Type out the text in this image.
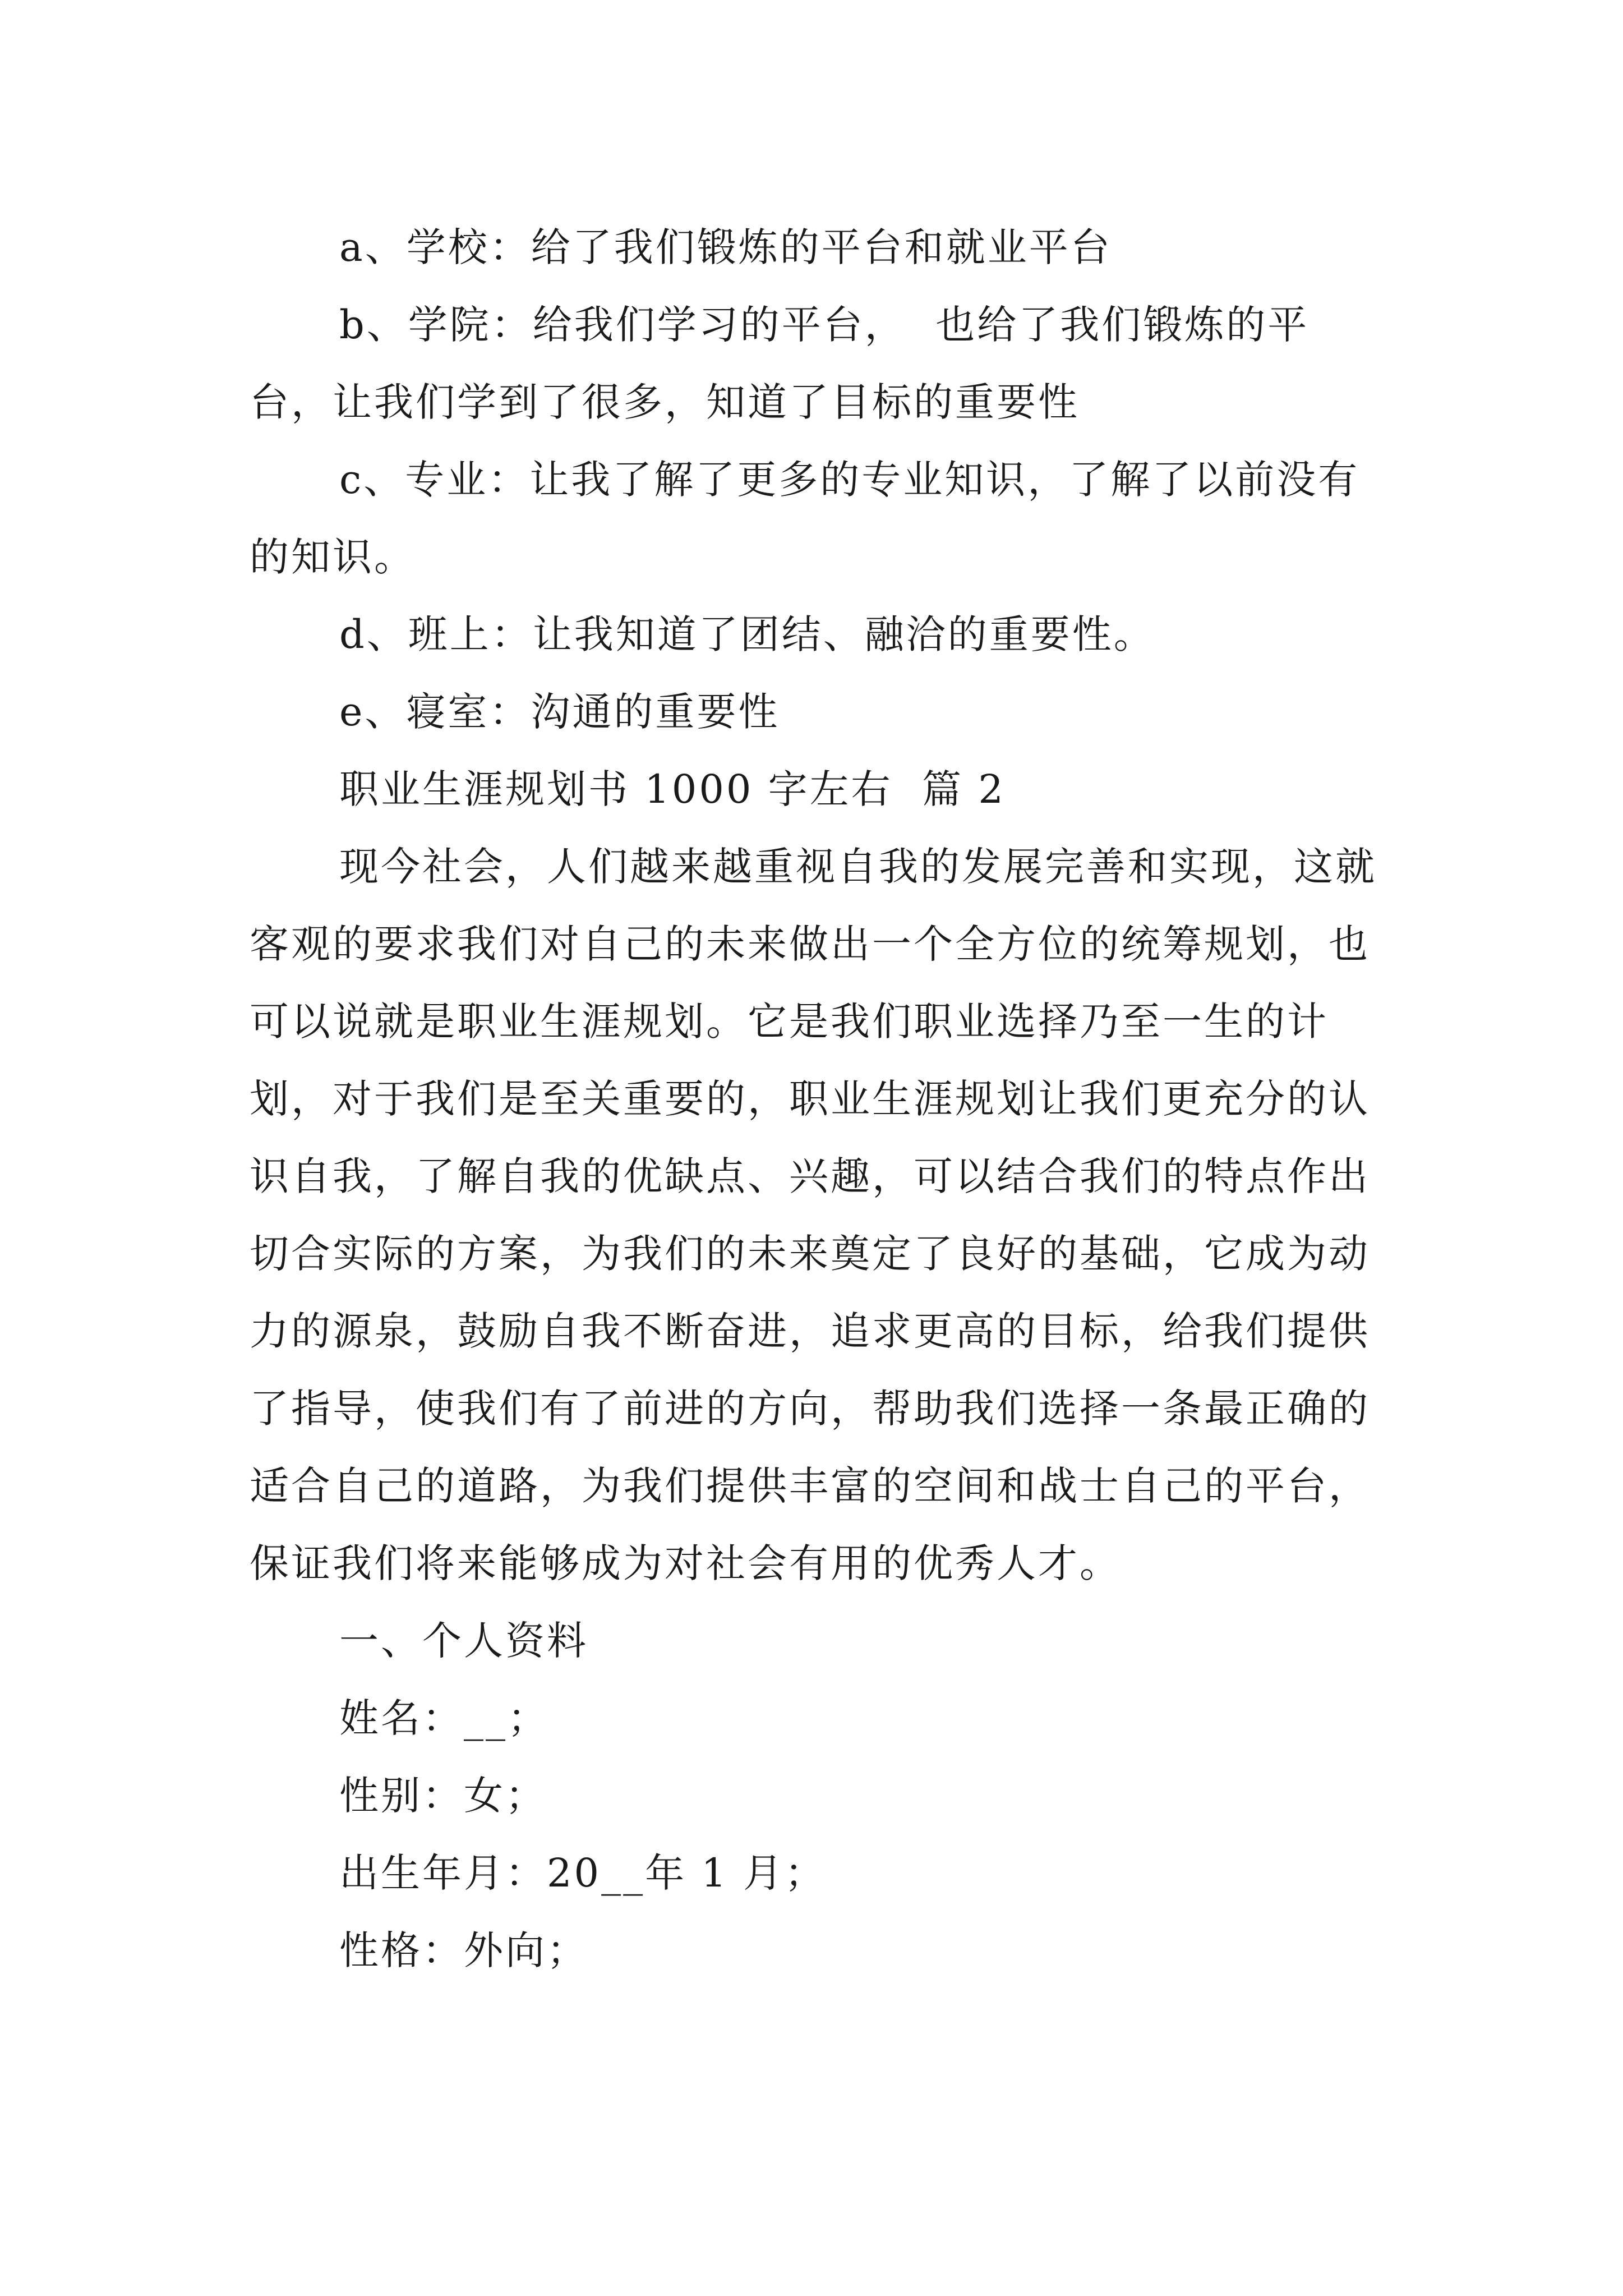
a、学校：给了我们锻炼的平台和就业平台

b、学院：给我们学习的平台，  也给了我们锻炼的平台，让我们学到了很多，知道了目标的重要性

c、专业：让我了解了更多的专业知识，了解了以前没有的知识。

d、班上：让我知道了团结、融洽的重要性。

e、寝室：沟通的重要性

职业生涯规划书 1000 字左右  篇 2

现今社会，人们越来越重视自我的发展完善和实现，这就客观的要求我们对自己的未来做出一个全方位的统筹规划，也可以说就是职业生涯规划。它是我们职业选择乃至一生的计划，对于我们是至关重要的，职业生涯规划让我们更充分的认识自我，了解自我的优缺点、兴趣，可以结合我们的特点作出切合实际的方案，为我们的未来奠定了良好的基础，它成为动力的源泉，鼓励自我不断奋进，追求更高的目标，给我们提供了指导，使我们有了前进的方向，帮助我们选择一条最正确的适合自己的道路，为我们提供丰富的空间和战士自己的平台，保证我们将来能够成为对社会有用的优秀人才。

一、个人资料

姓名：__；

性别：女；

出生年月：20__年 1 月；

性格：外向；
